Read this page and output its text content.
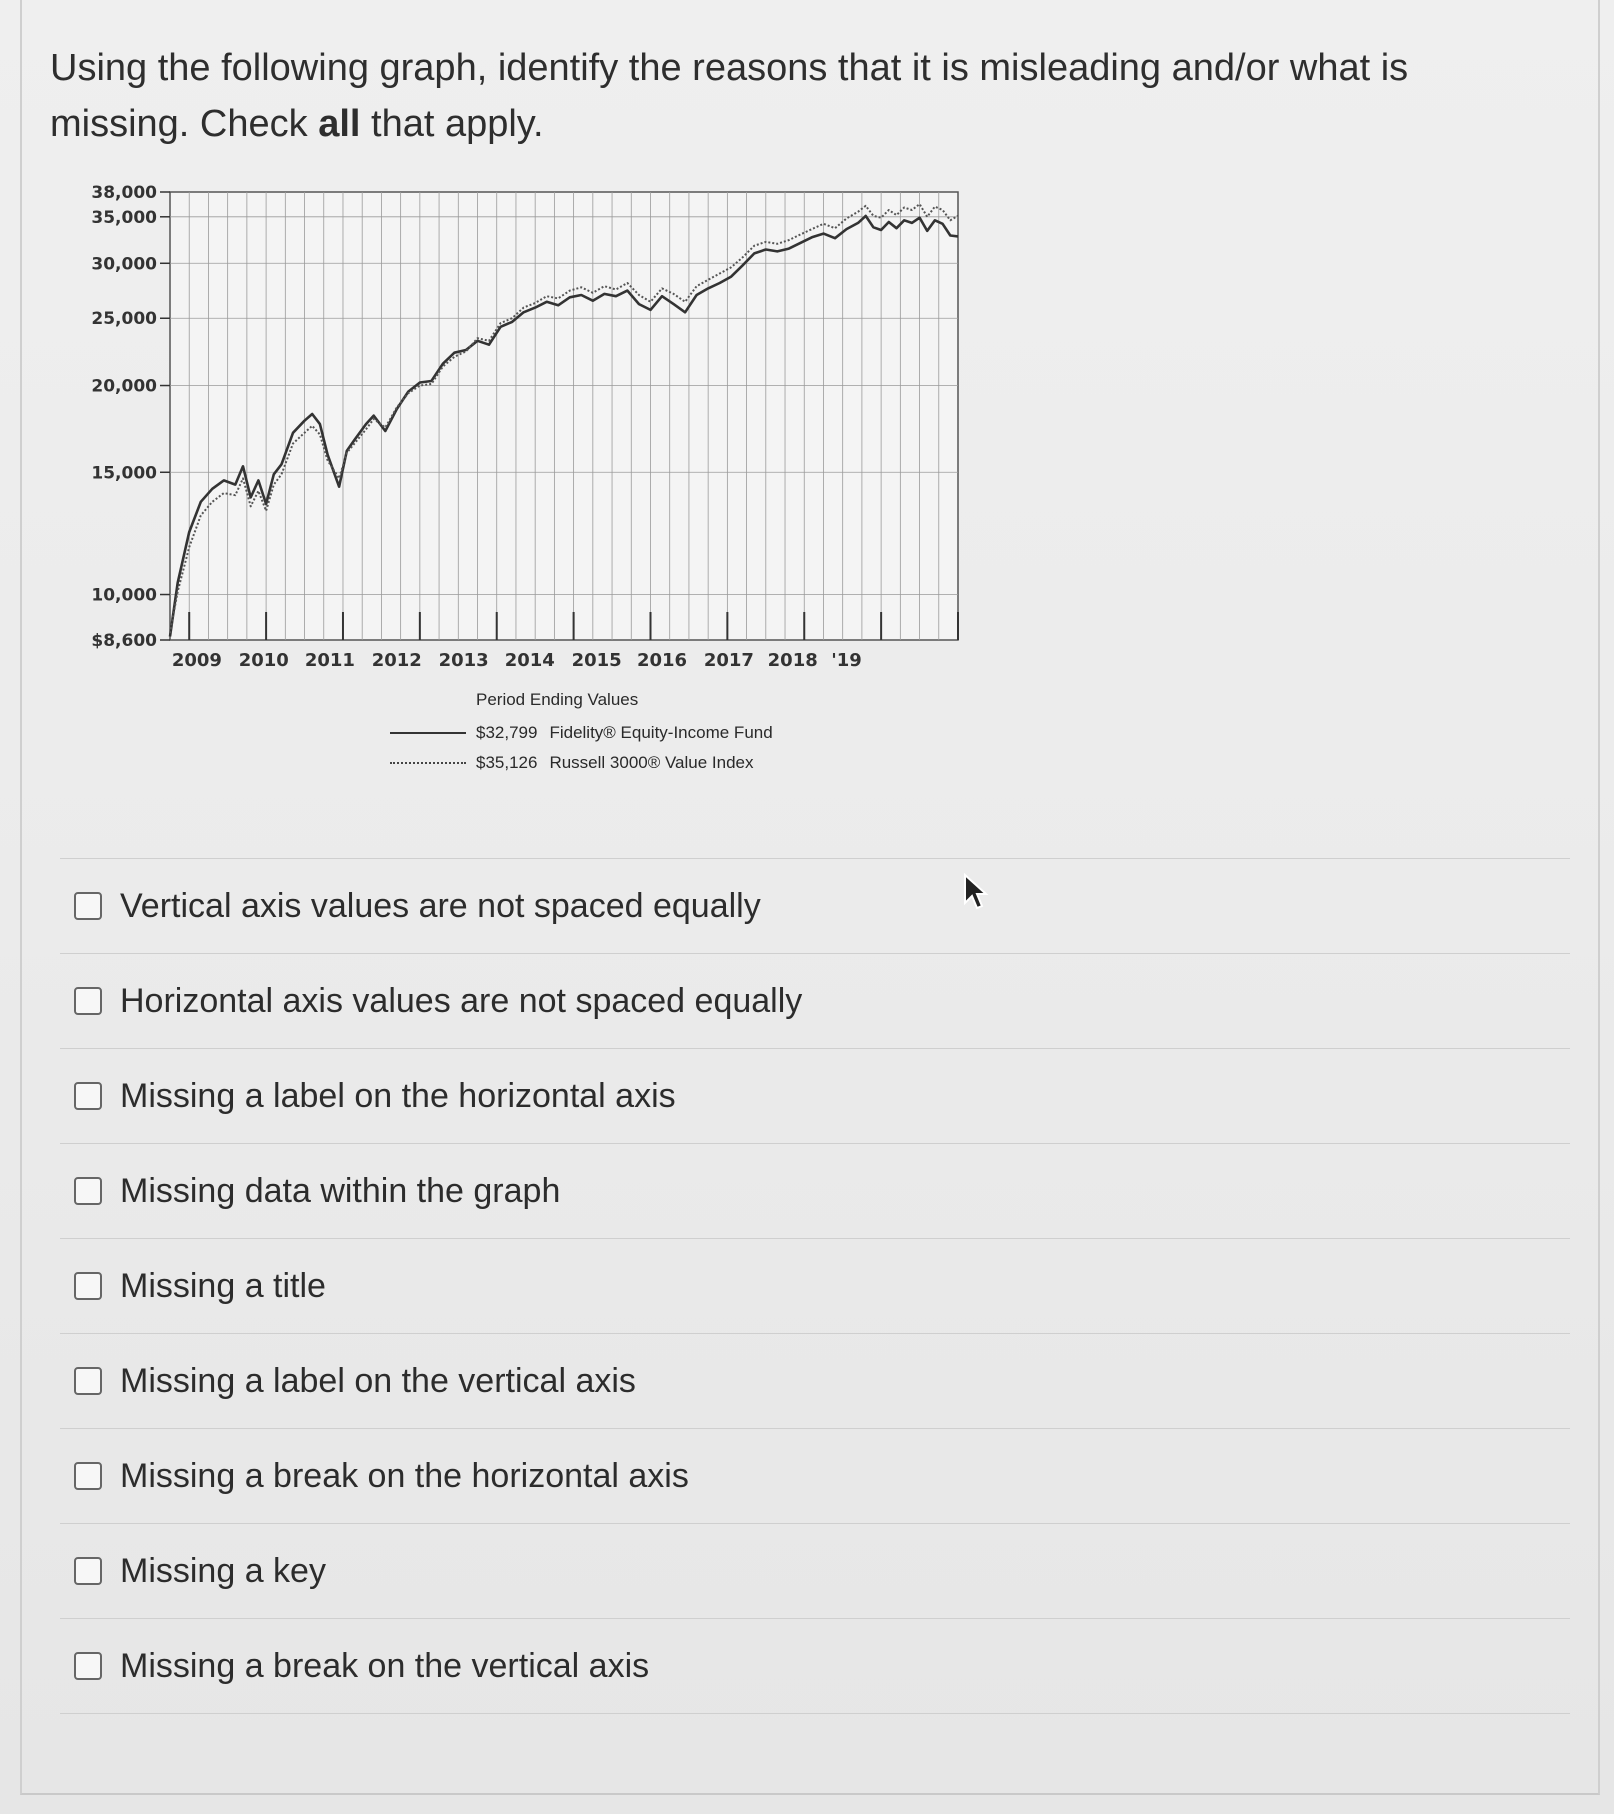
Using the following graph, identify the reasons that it is misleading and/or what is missing. Check all that apply.
38,000
35,000
30,000
25,000
20,000
15,000
10,000
$8,600
2009 2010 2011 2012 2013 2014 2015 2016 2017 2018 '19
Period Ending Values
$32,799 Fidelity® Equity-Income Fund
$35,126 Russell 3000® Value Index
Vertical axis values are not spaced equally
Horizontal axis values are not spaced equally
Missing a label on the horizontal axis
Missing data within the graph
Missing a title
Missing a label on the vertical axis
Missing a break on the horizontal axis
Missing a key
Missing a break on the vertical axis
